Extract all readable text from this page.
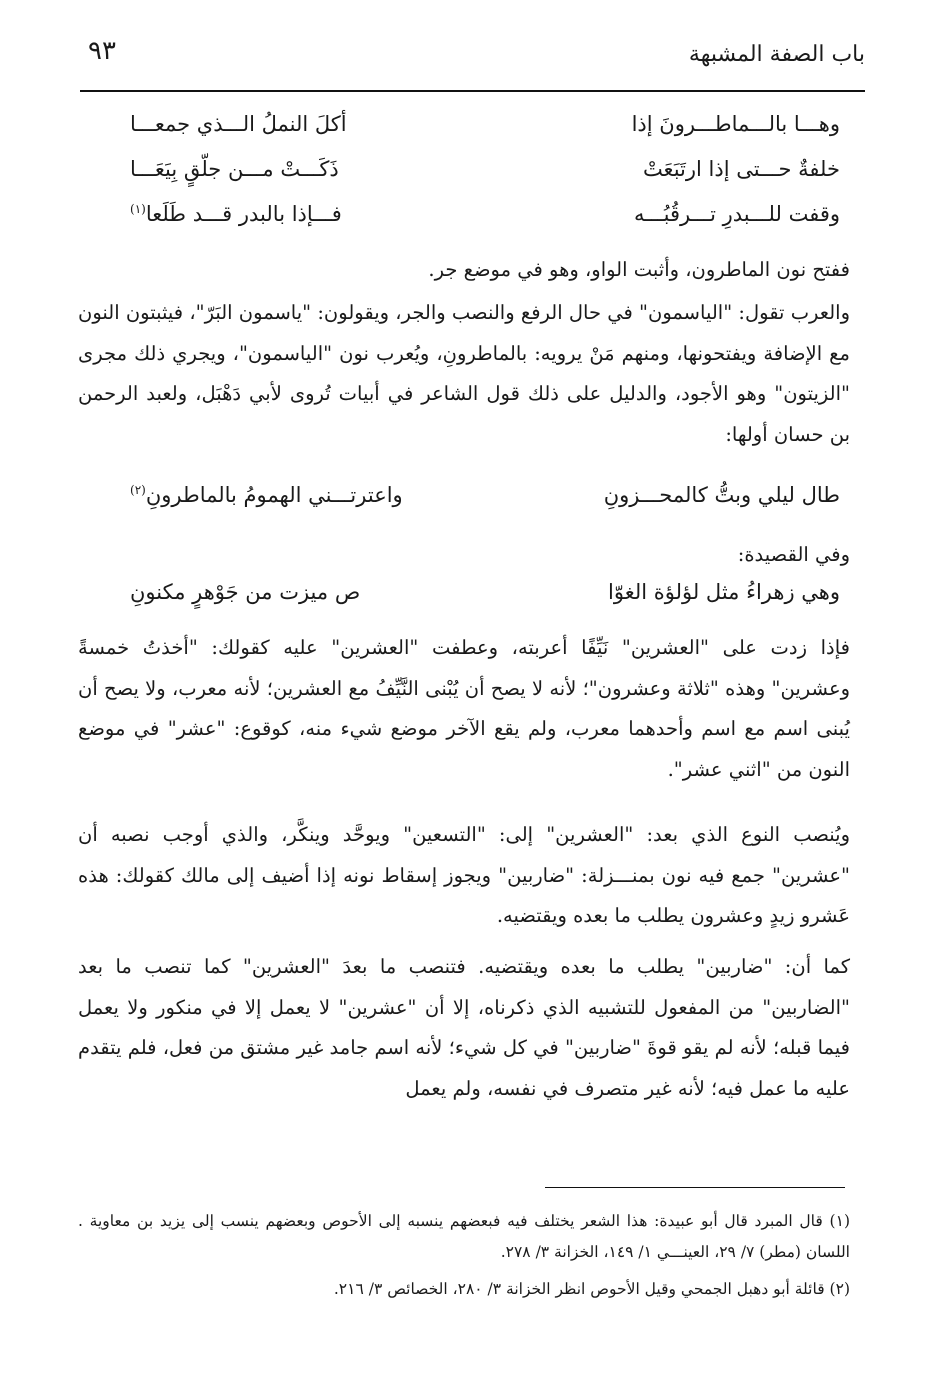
باب الصفة المشبهة
٩٣
وهـــا بالـــماطـــرونَ إذا
أكلَ النملُ الـــذي جمعـــا
خلفةٌ حـــتى إذا ارتَبَعَتْ
ذَكَـــتْ مـــن جلّقٍ بِيَعَـــا
وقفت للـــبدرِ تـــرقُبُـــه
فـــإذا بالبدر قـــد طَلَعا$^{(١)}$
ففتح نون الماطرون، وأثبت الواو، وهو في موضع جر.
والعرب تقول: "الياسمون" في حال الرفع والنصب والجر، ويقولون: "ياسمون البَرّ"، فيثبتون النون مع الإضافة ويفتحونها، ومنهم مَنْ يرويه: بالماطرونِ، ويُعرب نون "الياسمون"، ويجري ذلك مجرى "الزيتون" وهو الأجود، والدليل على ذلك قول الشاعر في أبيات تُروى لأبي دَهْبَل، ولعبد الرحمن بن حسان أولها:
طال ليلي وبتُّ كالمحـــزونِ
واعترتـــني الهمومُ بالماطرونِ$^{(٢)}$
وفي القصيدة:
وهي زهراءُ مثل لؤلؤة الغوّا
ص ميزت من جَوْهرٍ مكنونِ
فإذا زدت على "العشرين" نَيِّفًا أعربته، وعطفت "العشرين" عليه كقولك: "أخذتُ خمسةً وعشرين" وهذه "ثلاثة وعشرون"؛ لأنه لا يصح أن يُبْنى النَّيِّفُ مع العشرين؛ لأنه معرب، ولا يصح أن يُبنى اسم مع اسم وأحدهما معرب، ولم يقع الآخر موضع شيء منه، كوقوع: "عشر" في موضع النون من "اثني عشر".
ويُنصب النوع الذي بعد: "العشرين" إلى: "التسعين" ويوحَّد وينكَّر، والذي أوجب نصبه أن "عشرين" جمع فيه نون بمنـــزلة: "ضاربين" ويجوز إسقاط نونه إذا أضيف إلى مالك كقولك: هذه عَشرو زيدٍ وعشرون يطلب ما بعده ويقتضيه.
كما أن: "ضاربين" يطلب ما بعده ويقتضيه. فتنصب ما بعدَ "العشرين" كما تنصب ما بعد "الضاربين" من المفعول للتشبيه الذي ذكرناه، إلا أن "عشرين" لا يعمل إلا في منكور ولا يعمل فيما قبله؛ لأنه لم يقو قوةَ "ضاربين" في كل شيء؛ لأنه اسم جامد غير مشتق من فعل، فلم يتقدم عليه ما عمل فيه؛ لأنه غير متصرف في نفسه، ولم يعمل
(١) قال المبرد قال أبو عبيدة: هذا الشعر يختلف فيه فبعضهم ينسبه إلى الأحوص وبعضهم ينسب إلى يزيد بن معاوية . اللسان (مطر) ٧/ ٢٩، العينـــي ١/ ١٤٩، الخزانة ٣/ ٢٧٨.
(٢) قائلة أبو دهبل الجمحي وقيل الأحوص انظر الخزانة ٣/ ٢٨٠، الخصائص ٣/ ٢١٦.
